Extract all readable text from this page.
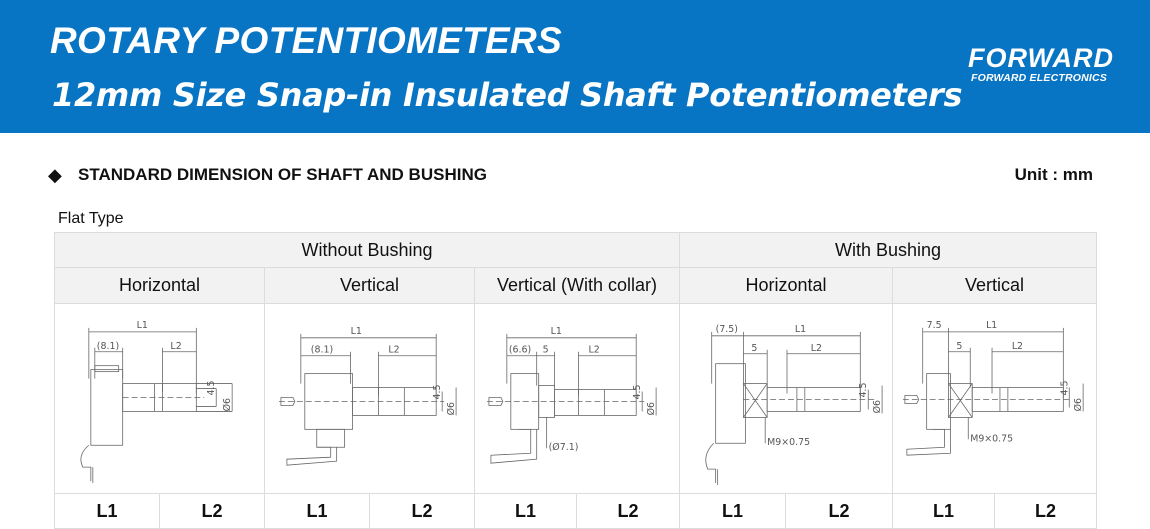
ROTARY POTENTIOMETERS
12mm Size Snap-in Insulated Shaft Potentiometers
FORWARD
FORWARD ELECTRONICS
◆ STANDARD DIMENSION OF SHAFT AND BUSHING	Unit : mm
Flat Type
Without Bushing	With Bushing
Horizontal	Vertical	Vertical (With collar)	Horizontal	Vertical
L1
(8.1)	L2
4.5
Ø6
L1
(8.1)	L2
4.5
Ø6
L1
(6.6) 5	L2
4.5
Ø6
(Ø7.1)
(7.5)	L1
5	L2
4.5
Ø6
M9×0.75
7.5	L1
5	L2
4.5
Ø6
M9×0.75
L1	L2	L1	L2	L1	L2	L1	L2	L1	L2
